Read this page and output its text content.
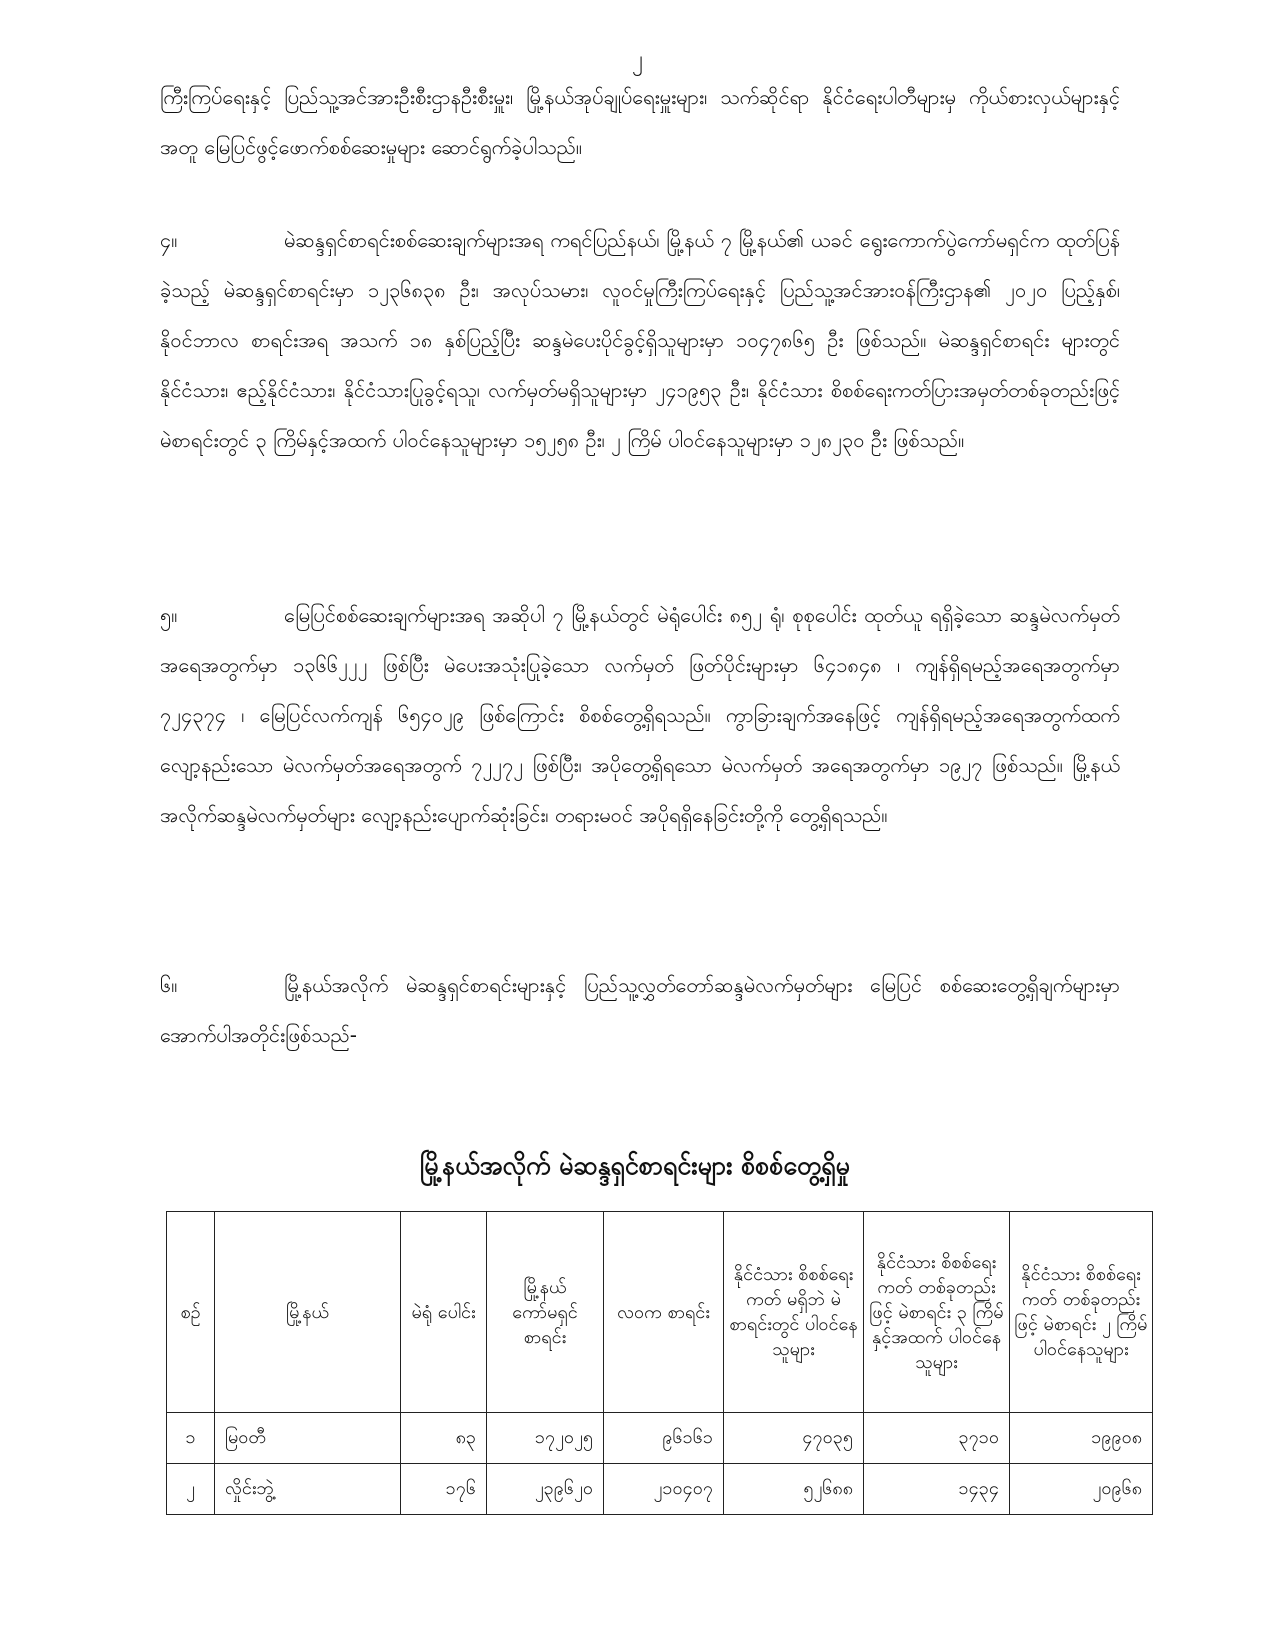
၂
ကြီးကြပ်ရေးနှင့် ပြည်သူ့အင်အားဦးစီးဌာနဦးစီးမှူး၊ မြို့နယ်အုပ်ချုပ်ရေးမှူးများ၊ သက်ဆိုင်ရာ နိုင်ငံရေးပါတီများမှ ကိုယ်စားလှယ်များနှင့်အတူ မြေပြင်ဖွင့်ဖောက်စစ်ဆေးမှုများ ဆောင်ရွက်ခဲ့ပါသည်။
၄။	မဲဆန္ဒရှင်စာရင်းစစ်ဆေးချက်များအရ ကရင်ပြည်နယ်၊ မြို့နယ် ၇ မြို့နယ်၏ ယခင် ရွေးကောက်ပွဲကော်မရှင်က ထုတ်ပြန်ခဲ့သည့် မဲဆန္ဒရှင်စာရင်းမှာ ၁၂၃၆၈၃၈ ဦး၊ အလုပ်သမား၊ လူဝင်မှုကြီးကြပ်ရေးနှင့် ပြည်သူ့အင်အားဝန်ကြီးဌာန၏ ၂၀၂၀ ပြည့်နှစ်၊ နိုဝင်ဘာလ စာရင်းအရ အသက် ၁၈ နှစ်ပြည့်ပြီး ဆန္ဒမဲပေးပိုင်ခွင့်ရှိသူများမှာ ၁၀၄၇၈၆၅ ဦး ဖြစ်သည်။ မဲဆန္ဒရှင်စာရင်း များတွင် နိုင်ငံသား၊ ဧည့်နိုင်ငံသား၊ နိုင်ငံသားပြုခွင့်ရသူ၊ လက်မှတ်မရှိသူများမှာ ၂၄၁၉၅၃ ဦး၊ နိုင်ငံသား စိစစ်ရေးကတ်ပြားအမှတ်တစ်ခုတည်းဖြင့် မဲစာရင်းတွင် ၃ ကြိမ်နှင့်အထက် ပါဝင်နေသူများမှာ ၁၅၂၅၈ ဦး၊ ၂ ကြိမ် ပါဝင်နေသူများမှာ ၁၂၈၂၃၀ ဦး ဖြစ်သည်။
၅။	မြေပြင်စစ်ဆေးချက်များအရ အဆိုပါ ၇ မြို့နယ်တွင် မဲရုံပေါင်း ၈၅၂ ရုံ၊ စုစုပေါင်း ထုတ်ယူ ရရှိခဲ့သော ဆန္ဒမဲလက်မှတ်အရေအတွက်မှာ ၁၃၆၆၂၂၂ ဖြစ်ပြီး မဲပေးအသုံးပြုခဲ့သော လက်မှတ် ဖြတ်ပိုင်းများမှာ ၆၄၁၈၄၈ ၊ ကျန်ရှိရမည့်အရေအတွက်မှာ ၇၂၄၃၇၄ ၊ မြေပြင်လက်ကျန် ၆၅၄၀၂၉ ဖြစ်ကြောင်း စိစစ်တွေ့ရှိရသည်။ ကွာခြားချက်အနေဖြင့် ကျန်ရှိရမည့်အရေအတွက်ထက် လျော့နည်းသော မဲလက်မှတ်အရေအတွက် ၇၂၂၇၂ ဖြစ်ပြီး၊ အပိုတွေ့ရှိရသော မဲလက်မှတ် အရေအတွက်မှာ ၁၉၂၇ ဖြစ်သည်။ မြို့နယ်အလိုက်ဆန္ဒမဲလက်မှတ်များ လျော့နည်းပျောက်ဆုံးခြင်း၊ တရားမဝင် အပိုရရှိနေခြင်းတို့ကို တွေ့ရှိရသည်။
၆။	မြို့နယ်အလိုက် မဲဆန္ဒရှင်စာရင်းများနှင့် ပြည်သူ့လွှတ်တော်ဆန္ဒမဲလက်မှတ်များ မြေပြင် စစ်ဆေးတွေ့ရှိချက်များမှာ အောက်ပါအတိုင်းဖြစ်သည်-
မြို့နယ်အလိုက် မဲဆန္ဒရှင်စာရင်းများ စိစစ်တွေ့ရှိမှု
စဉ်	မြို့နယ်	မဲရုံ ပေါင်း	မြို့နယ် ကော်မရှင် စာရင်း	လဝက စာရင်း	နိုင်ငံသား စိစစ်ရေးကတ် မရှိဘဲ မဲစာရင်းတွင် ပါဝင်နေသူများ	နိုင်ငံသား စိစစ်ရေးကတ် တစ်ခုတည်းဖြင့် မဲစာရင်း ၃ ကြိမ် နှင့်အထက် ပါဝင်နေသူများ	နိုင်ငံသား စိစစ်ရေးကတ် တစ်ခုတည်းဖြင့် မဲစာရင်း ၂ ကြိမ် ပါဝင်နေသူများ
၁	မြဝတီ	၈၃	၁၇၂၀၂၅	၉၆၁၆၁	၄၇၀၃၅	၃၇၁၀	၁၉၉၀၈
၂	လှိုင်းဘွဲ့	၁၇၆	၂၃၉၆၂၀	၂၁၀၄၀၇	၅၂၆၈၈	၁၄၃၄	၂၀၉၆၈
